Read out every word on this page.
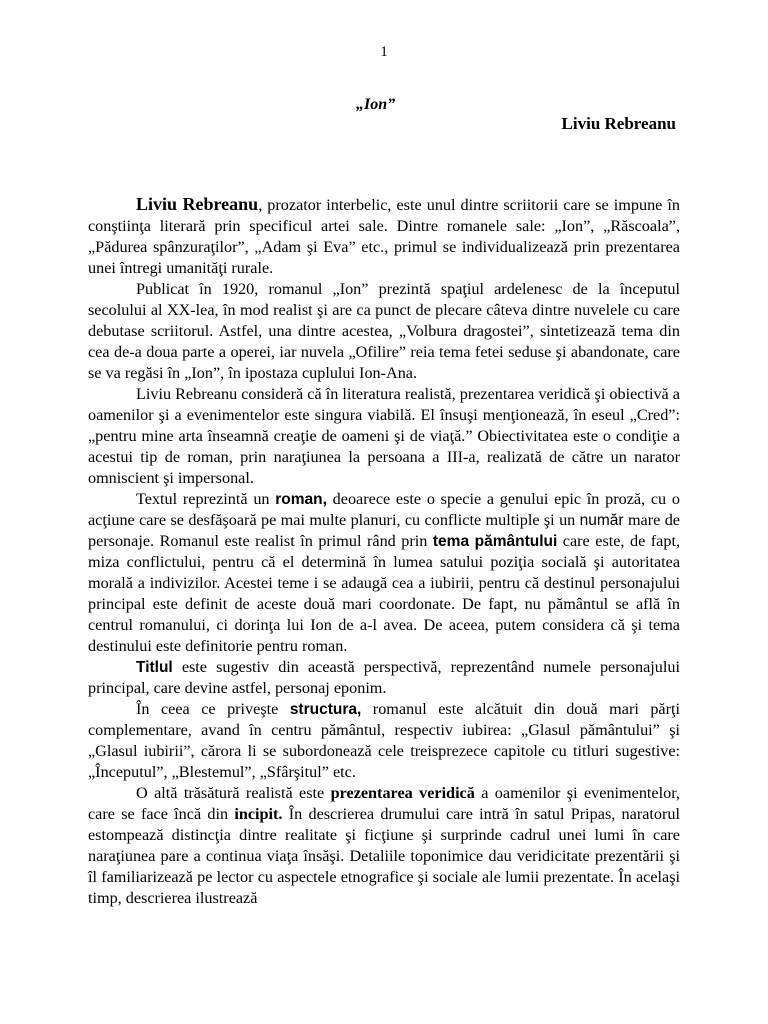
1
„Ion”
Liviu Rebreanu

Liviu Rebreanu, prozator interbelic, este unul dintre scriitorii care se impune în conştiinţa literară prin specificul artei sale. Dintre romanele sale: „Ion”, „Răscoala”, „Pădurea spânzuraţilor”, „Adam şi Eva” etc., primul se individualizează prin prezentarea unei întregi umanităţi rurale.

Publicat în 1920, romanul „Ion” prezintă spaţiul ardelenesc de la începutul secolului al XX-lea, în mod realist şi are ca punct de plecare câteva dintre nuvelele cu care debutase scriitorul. Astfel, una dintre acestea, „Volbura dragostei”, sintetizează tema din cea de-a doua parte a operei, iar nuvela „Ofilire” reia tema fetei seduse şi abandonate, care se va regăsi în „Ion”, în ipostaza cuplului Ion-Ana.

Liviu Rebreanu consideră că în literatura realistă, prezentarea veridică şi obiectivă a oamenilor şi a evenimentelor este singura viabilă. El însuşi menţionează, în eseul „Cred”: „pentru mine arta înseamnă creaţie de oameni şi de viaţă.” Obiectivitatea este o condiţie a acestui tip de roman, prin naraţiunea la persoana a III-a, realizată de către un narator omniscient şi impersonal.

Textul reprezintă un roman, deoarece este o specie a genului epic în proză, cu o acţiune care se desfăşoară pe mai multe planuri, cu conflicte multiple şi un număr mare de personaje. Romanul este realist în primul rând prin tema pământului care este, de fapt, miza conflictului, pentru că el determină în lumea satului poziţia socială şi autoritatea morală a indivizilor. Acestei teme i se adaugă cea a iubirii, pentru că destinul personajului principal este definit de aceste două mari coordonate. De fapt, nu pământul se află în centrul romanului, ci dorinţa lui Ion de a-l avea. De aceea, putem considera că şi tema destinului este definitorie pentru roman.

Titlul este sugestiv din această perspectivă, reprezentând numele personajului principal, care devine astfel, personaj eponim.

În ceea ce priveşte structura, romanul este alcătuit din două mari părţi complementare, avand în centru pământul, respectiv iubirea: „Glasul pământului” şi „Glasul iubirii”, cărora li se subordonează cele treisprezece capitole cu titluri sugestive: „Începutul”, „Blestemul”, „Sfârşitul” etc.

O altă trăsătură realistă este prezentarea veridică a oamenilor şi evenimentelor, care se face încă din incipit. În descrierea drumului care intră în satul Pripas, naratorul estompează distincţia dintre realitate şi ficţiune şi surprinde cadrul unei lumi în care naraţiunea pare a continua viaţa însăşi. Detaliile toponimice dau veridicitate prezentării şi îl familiarizează pe lector cu aspectele etnografice şi sociale ale lumii prezentate. În acelaşi timp, descrierea ilustrează
